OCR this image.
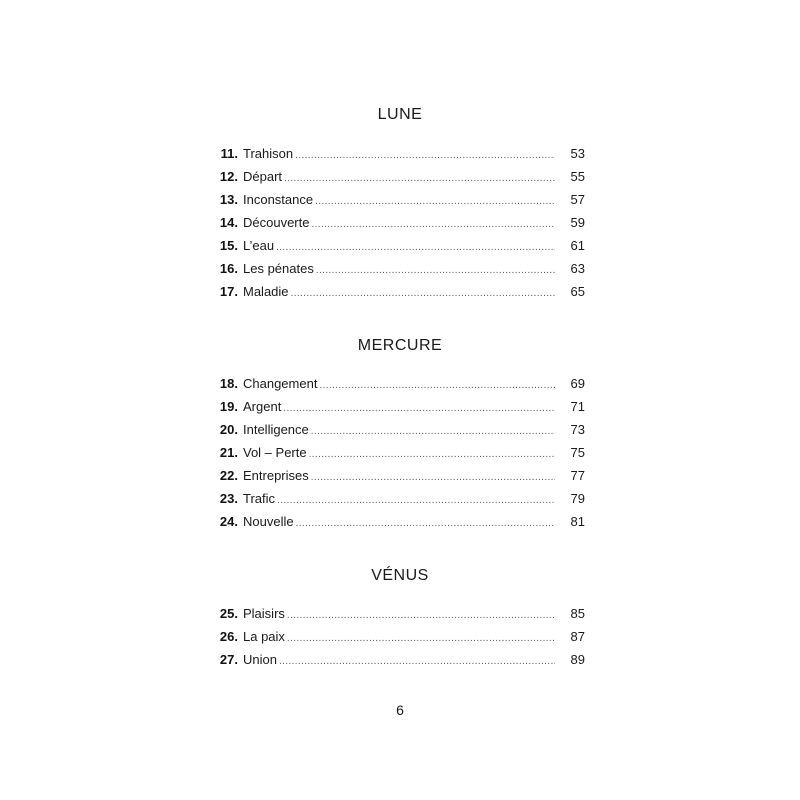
LUNE
11. Trahison . . .	53
12. Départ . . .	55
13. Inconstance . . .	57
14. Découverte . . .	59
15. L’eau . . .	61
16. Les pénates . . .	63
17. Maladie . . .	65
MERCURE
18. Changement . . .	69
19. Argent . . .	71
20. Intelligence . . .	73
21. Vol – Perte . . .	75
22. Entreprises . . .	77
23. Trafic . . .	79
24. Nouvelle . . .	81
VÉNUS
25. Plaisirs . . .	85
26. La paix . . .	87
27. Union . . .	89
6
